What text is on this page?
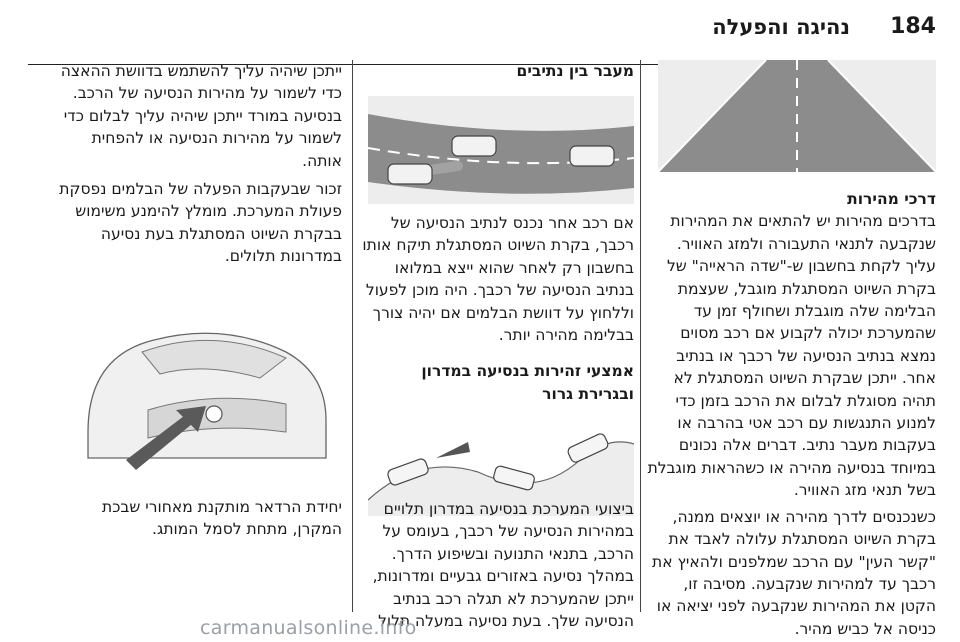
184
נהיגה והפעלה

דרכי מהירות

בדרכים מהירות יש להתאים את המהירות שנקבעה לתנאי התעבורה ולמזג האוויר. עליך לקחת בחשבון ש-"שדה הראייה" של בקרת השיוט המסתגלת מוגבל, שעצמת הבלימה שלה מוגבלת ושחולף זמן עד שהמערכת יכולה לקבוע אם רכב מסוים נמצא בנתיב הנסיעה של רכבך או בנתיב אחר. ייתכן שבקרת השיוט המסתגלת לא תהיה מסוגלת לבלום את הרכב בזמן כדי למנוע התנגשות עם רכב אטי בהרבה או בעקבות מעבר נתיב. דברים אלה נכונים במיוחד בנסיעה מהירה או כשהראות מוגבלת בשל תנאי מזג האוויר.

כשנכנסים לדרך מהירה או יוצאים ממנה, בקרת השיוט המסתגלת עלולה לאבד את "קשר העין" עם הרכב שמלפנים ולהאיץ את רכבך עד למהירות שנקבעה. מסיבה זו, הקטן את המהירות שנקבעה לפני יציאה או כניסה אל כביש מהיר.

מעבר בין נתיבים

אם רכב אחר נכנס לנתיב הנסיעה של רכבך, בקרת השיוט המסתגלת תיקח אותו בחשבון רק לאחר שהוא ייצא במלואו בנתיב הנסיעה של רכבך. היה מוכן לפעול וללחוץ על דוושת הבלמים אם יהיה צורך בבלימה מהירה יותר.

אמצעי זהירות בנסיעה במדרון ובגרירת גרור

ביצועי המערכת בנסיעה במדרון תלויים במהירות הנסיעה של רכבך, בעומס על הרכב, בתנאי התנועה ובשיפוע הדרך. במהלך נסיעה באזורים גבעיים ומדרונות, ייתכן שהמערכת לא תגלה רכב בנתיב הנסיעה שלך. בעת נסיעה במעלה תלול

ייתכן שיהיה עליך להשתמש בדוושת ההאצה כדי לשמור על מהירות הנסיעה של הרכב. בנסיעה במורד ייתכן שיהיה עליך לבלום כדי לשמור על מהירות הנסיעה או להפחית אותה.

זכור שבעקבות הפעלה של הבלמים נפסקת פעולת המערכת. מומלץ להימנע משימוש בבקרת השיוט המסתגלת בעת נסיעה במדרונות תלולים.

יחידת הרדאר מותקנת מאחורי שבכת המקרן, מתחת לסמל המותג.

carmanualsonline.info
